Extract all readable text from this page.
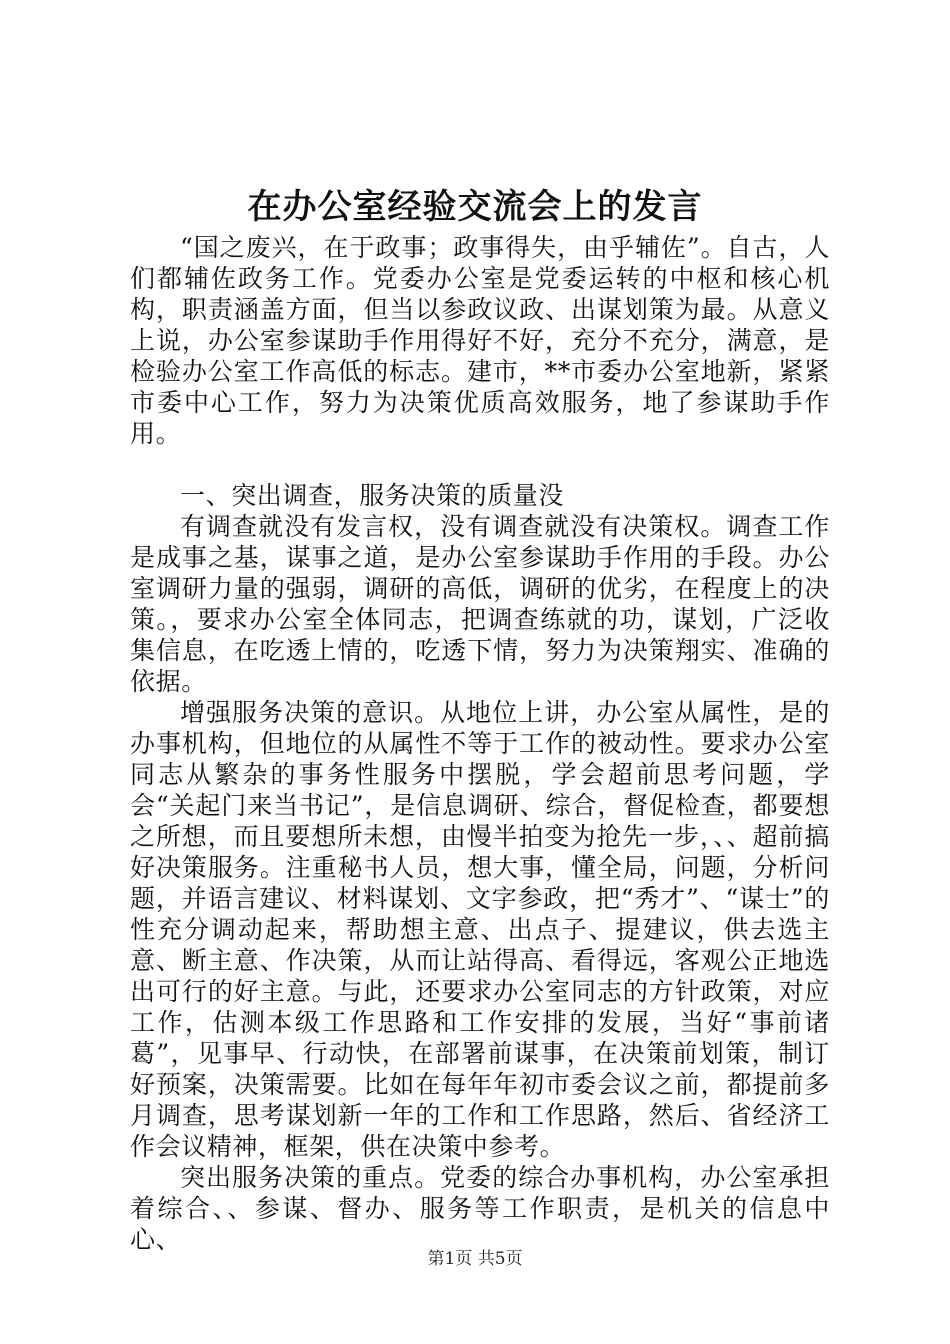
在办公室经验交流会上的发言

“国之废兴，在于政事；政事得失，由乎辅佐”。自古，人们都辅佐政务工作。党委办公室是党委运转的中枢和核心机构，职责涵盖方面，但当以参政议政、出谋划策为最。从意义上说，办公室参谋助手作用得好不好，充分不充分，满意，是检验办公室工作高低的标志。建市，**市委办公室地新，紧紧市委中心工作，努力为决策优质高效服务，地了参谋助手作用。

一、突出调查，服务决策的质量没

有调查就没有发言权，没有调查就没有决策权。调查工作是成事之基，谋事之道，是办公室参谋助手作用的手段。办公室调研力量的强弱，调研的高低，调研的优劣，在程度上的决策。，要求办公室全体同志，把调查练就的功，谋划，广泛收集信息，在吃透上情的，吃透下情，努力为决策翔实、准确的依据。

增强服务决策的意识。从地位上讲，办公室从属性，是的办事机构，但地位的从属性不等于工作的被动性。要求办公室同志从繁杂的事务性服务中摆脱，学会超前思考问题，学会“关起门来当书记”，是信息调研、综合，督促检查，都要想之所想，而且要想所未想，由慢半拍变为抢先一步，、、超前搞好决策服务。注重秘书人员，想大事，懂全局，问题，分析问题，并语言建议、材料谋划、文字参政，把“秀才”、“谋士”的性充分调动起来，帮助想主意、出点子、提建议，供去选主意、断主意、作决策，从而让站得高、看得远，客观公正地选出可行的好主意。与此，还要求办公室同志的方针政策，对应工作，估测本级工作思路和工作安排的发展，当好“事前诸葛”，见事早、行动快，在部署前谋事，在决策前划策，制订好预案，决策需要。比如在每年年初市委会议之前，都提前多月调查，思考谋划新一年的工作和工作思路，然后、省经济工作会议精神，框架，供在决策中参考。

突出服务决策的重点。党委的综合办事机构，办公室承担着综合、、参谋、督办、服务等工作职责，是机关的信息中心、

第1页 共5页
